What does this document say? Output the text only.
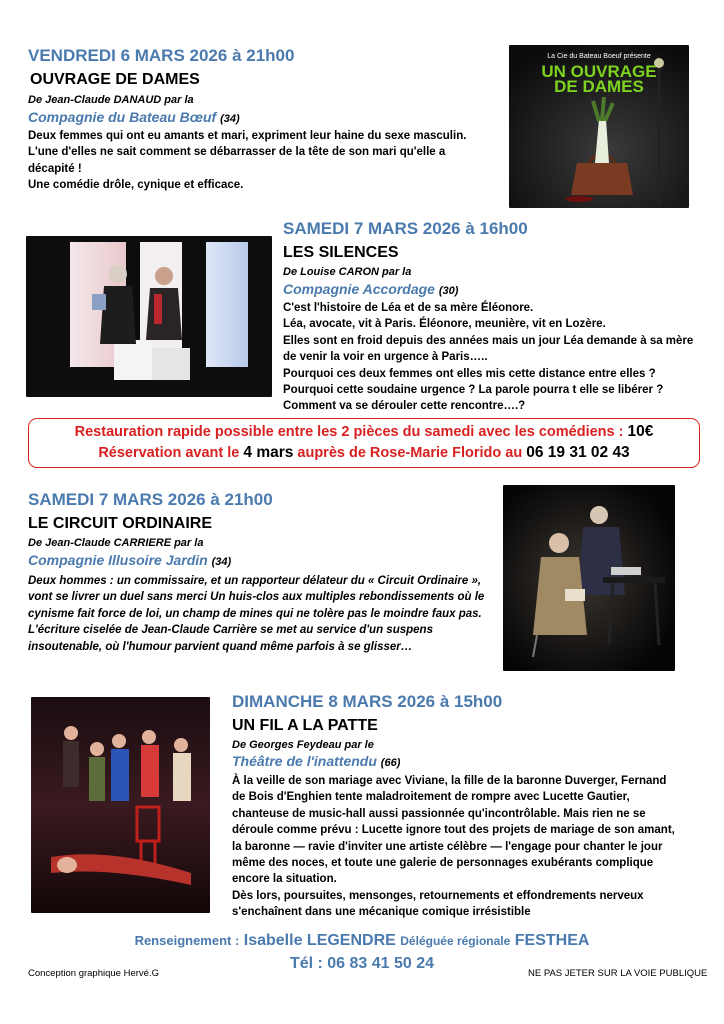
VENDREDI 6 MARS 2026 à 21h00
OUVRAGE DE DAMES
De Jean-Claude DANAUD par la
Compagnie du Bateau Bœuf (34)

Deux femmes qui ont eu amants et mari, expriment leur haine du sexe masculin.

L'une d'elles ne sait comment se débarrasser de la tête de son mari qu'elle a

décapité !

Une comédie drôle, cynique et efficace.

La Cie du Bateau Boeuf présente
UN OUVRAGE
DE DAMES
SAMEDI 7 MARS 2026 à 16h00
LES SILENCES
De Louise CARON par la
Compagnie Accordage (30)

C'est l'histoire de Léa et de sa mère Éléonore.

Léa, avocate, vit à Paris. Éléonore, meunière, vit en Lozère.

Elles sont en froid depuis des années mais un jour Léa demande à sa mère

de venir la voir en urgence à Paris…..

Pourquoi ces deux femmes ont elles mis cette distance entre elles ?

Pourquoi cette soudaine urgence ? La parole pourra t elle se libérer ?

Comment va se dérouler cette rencontre….?

Restauration rapide possible entre les 2 pièces du samedi avec les comédiens : 10€
Réservation avant le 4 mars auprès de Rose-Marie Florido au 06 19 31 02 43
SAMEDI 7 MARS 2026 à 21h00
LE CIRCUIT ORDINAIRE
De Jean-Claude CARRIERE par la
Compagnie Illusoire Jardin (34)

Deux hommes : un commissaire, et un rapporteur délateur du « Circuit Ordinaire »,

vont se livrer un duel sans merci Un huis-clos aux multiples rebondissements où le

cynisme fait force de loi, un champ de mines qui ne tolère pas le moindre faux pas.

L'écriture ciselée de Jean-Claude Carrière se met au service d'un suspens

insoutenable, où l'humour parvient quand même parfois à se glisser…

DIMANCHE 8 MARS 2026 à 15h00
UN FIL A LA PATTE
De Georges Feydeau par le
Théâtre de l'inattendu (66)

À la veille de son mariage avec Viviane, la fille de la baronne Duverger, Fernand

de Bois d'Enghien tente maladroitement de rompre avec Lucette Gautier,

chanteuse de music-hall aussi passionnée qu'incontrôlable. Mais rien ne se

déroule comme prévu : Lucette ignore tout des projets de mariage de son amant,

la baronne — ravie d'inviter une artiste célèbre — l'engage pour chanter le jour

même des noces, et toute une galerie de personnages exubérants complique

encore la situation.

Dès lors, poursuites, mensonges, retournements et effondrements nerveux

s'enchaînent dans une mécanique comique irrésistible

Renseignement : Isabelle LEGENDRE Déléguée régionale FESTHEA
Tél : 06 83 41 50 24
Conception graphique Hervé.G	NE PAS JETER SUR LA VOIE PUBLIQUE
